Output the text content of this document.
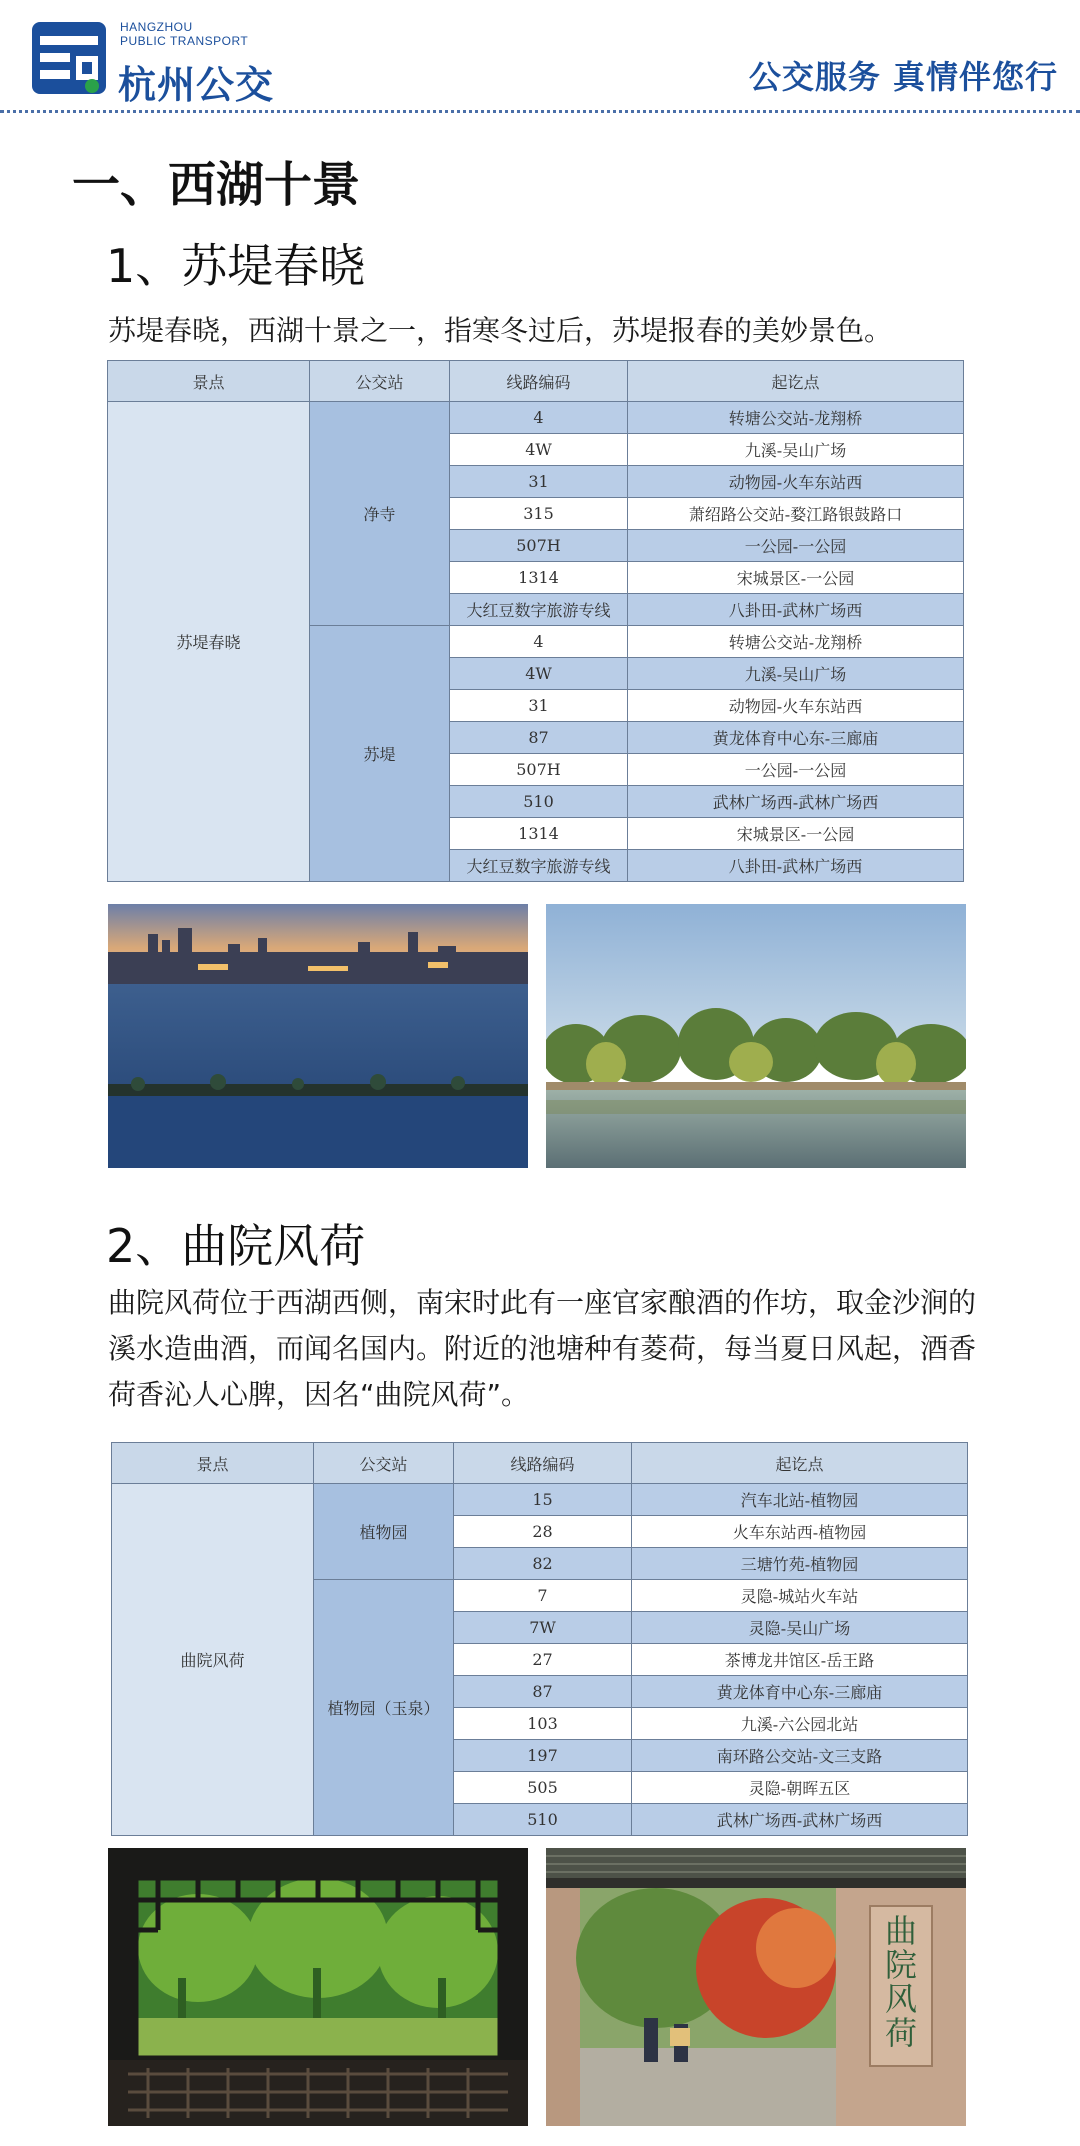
HANGZHOU
PUBLIC TRANSPORT
杭州公交	公交服务 真情伴您行
一、西湖十景
1、苏堤春晓
苏堤春晓，西湖十景之一，指寒冬过后，苏堤报春的美妙景色。
景点	公交站	线路编码	起讫点
苏堤春晓	净寺	4	转塘公交站-龙翔桥
		4W	九溪-吴山广场
		31	动物园-火车东站西
		315	萧绍路公交站-婺江路银鼓路口
		507H	一公园-一公园
		1314	宋城景区-一公园
		大红豆数字旅游专线	八卦田-武林广场西
	苏堤	4	转塘公交站-龙翔桥
		4W	九溪-吴山广场
		31	动物园-火车东站西
		87	黄龙体育中心东-三廊庙
		507H	一公园-一公园
		510	武林广场西-武林广场西
		1314	宋城景区-一公园
		大红豆数字旅游专线	八卦田-武林广场西
2、曲院风荷
曲院风荷位于西湖西侧，南宋时此有一座官家酿酒的作坊，取金沙涧的溪水造曲酒，而闻名国内。附近的池塘种有菱荷，每当夏日风起，酒香荷香沁人心脾，因名“曲院风荷”。
景点	公交站	线路编码	起讫点
曲院风荷	植物园	15	汽车北站-植物园
		28	火车东站西-植物园
		82	三塘竹苑-植物园
	植物园（玉泉）	7	灵隐-城站火车站
		7W	灵隐-吴山广场
		27	茶博龙井馆区-岳王路
		87	黄龙体育中心东-三廊庙
		103	九溪-六公园北站
		197	南环路公交站-文三支路
		505	灵隐-朝晖五区
		510	武林广场西-武林广场西
曲
院
风
荷
